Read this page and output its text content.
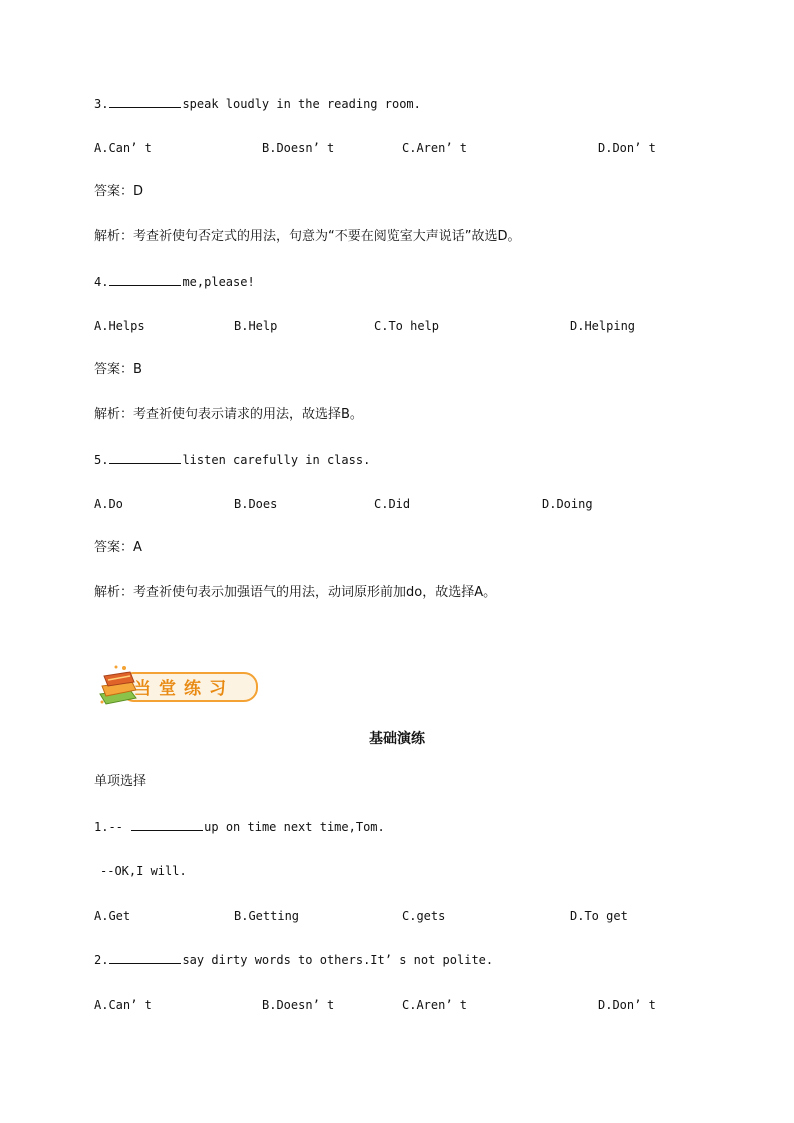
3.	speak loudly in the reading room.
A.Can’ t	B.Doesn’ t	C.Aren’ t	D.Don’ t
答案：D
解析：考查祈使句否定式的用法，句意为“不要在阅览室大声说话”故选D。
4.	me,please!
A.Helps	B.Help	C.To help	D.Helping
答案：B
解析：考查祈使句表示请求的用法，故选择B。
5.	listen carefully in class.
A.Do	B.Does	C.Did	D.Doing
答案：A
解析：考查祈使句表示加强语气的用法，动词原形前加do，故选择A。
当堂练习
基础演练
单项选择
1.--	up on time next time,Tom.
--OK,I will.
A.Get	B.Getting	C.gets	D.To get
2.	say dirty words to others.It’ s not polite.
A.Can’ t	B.Doesn’ t	C.Aren’ t	D.Don’ t
